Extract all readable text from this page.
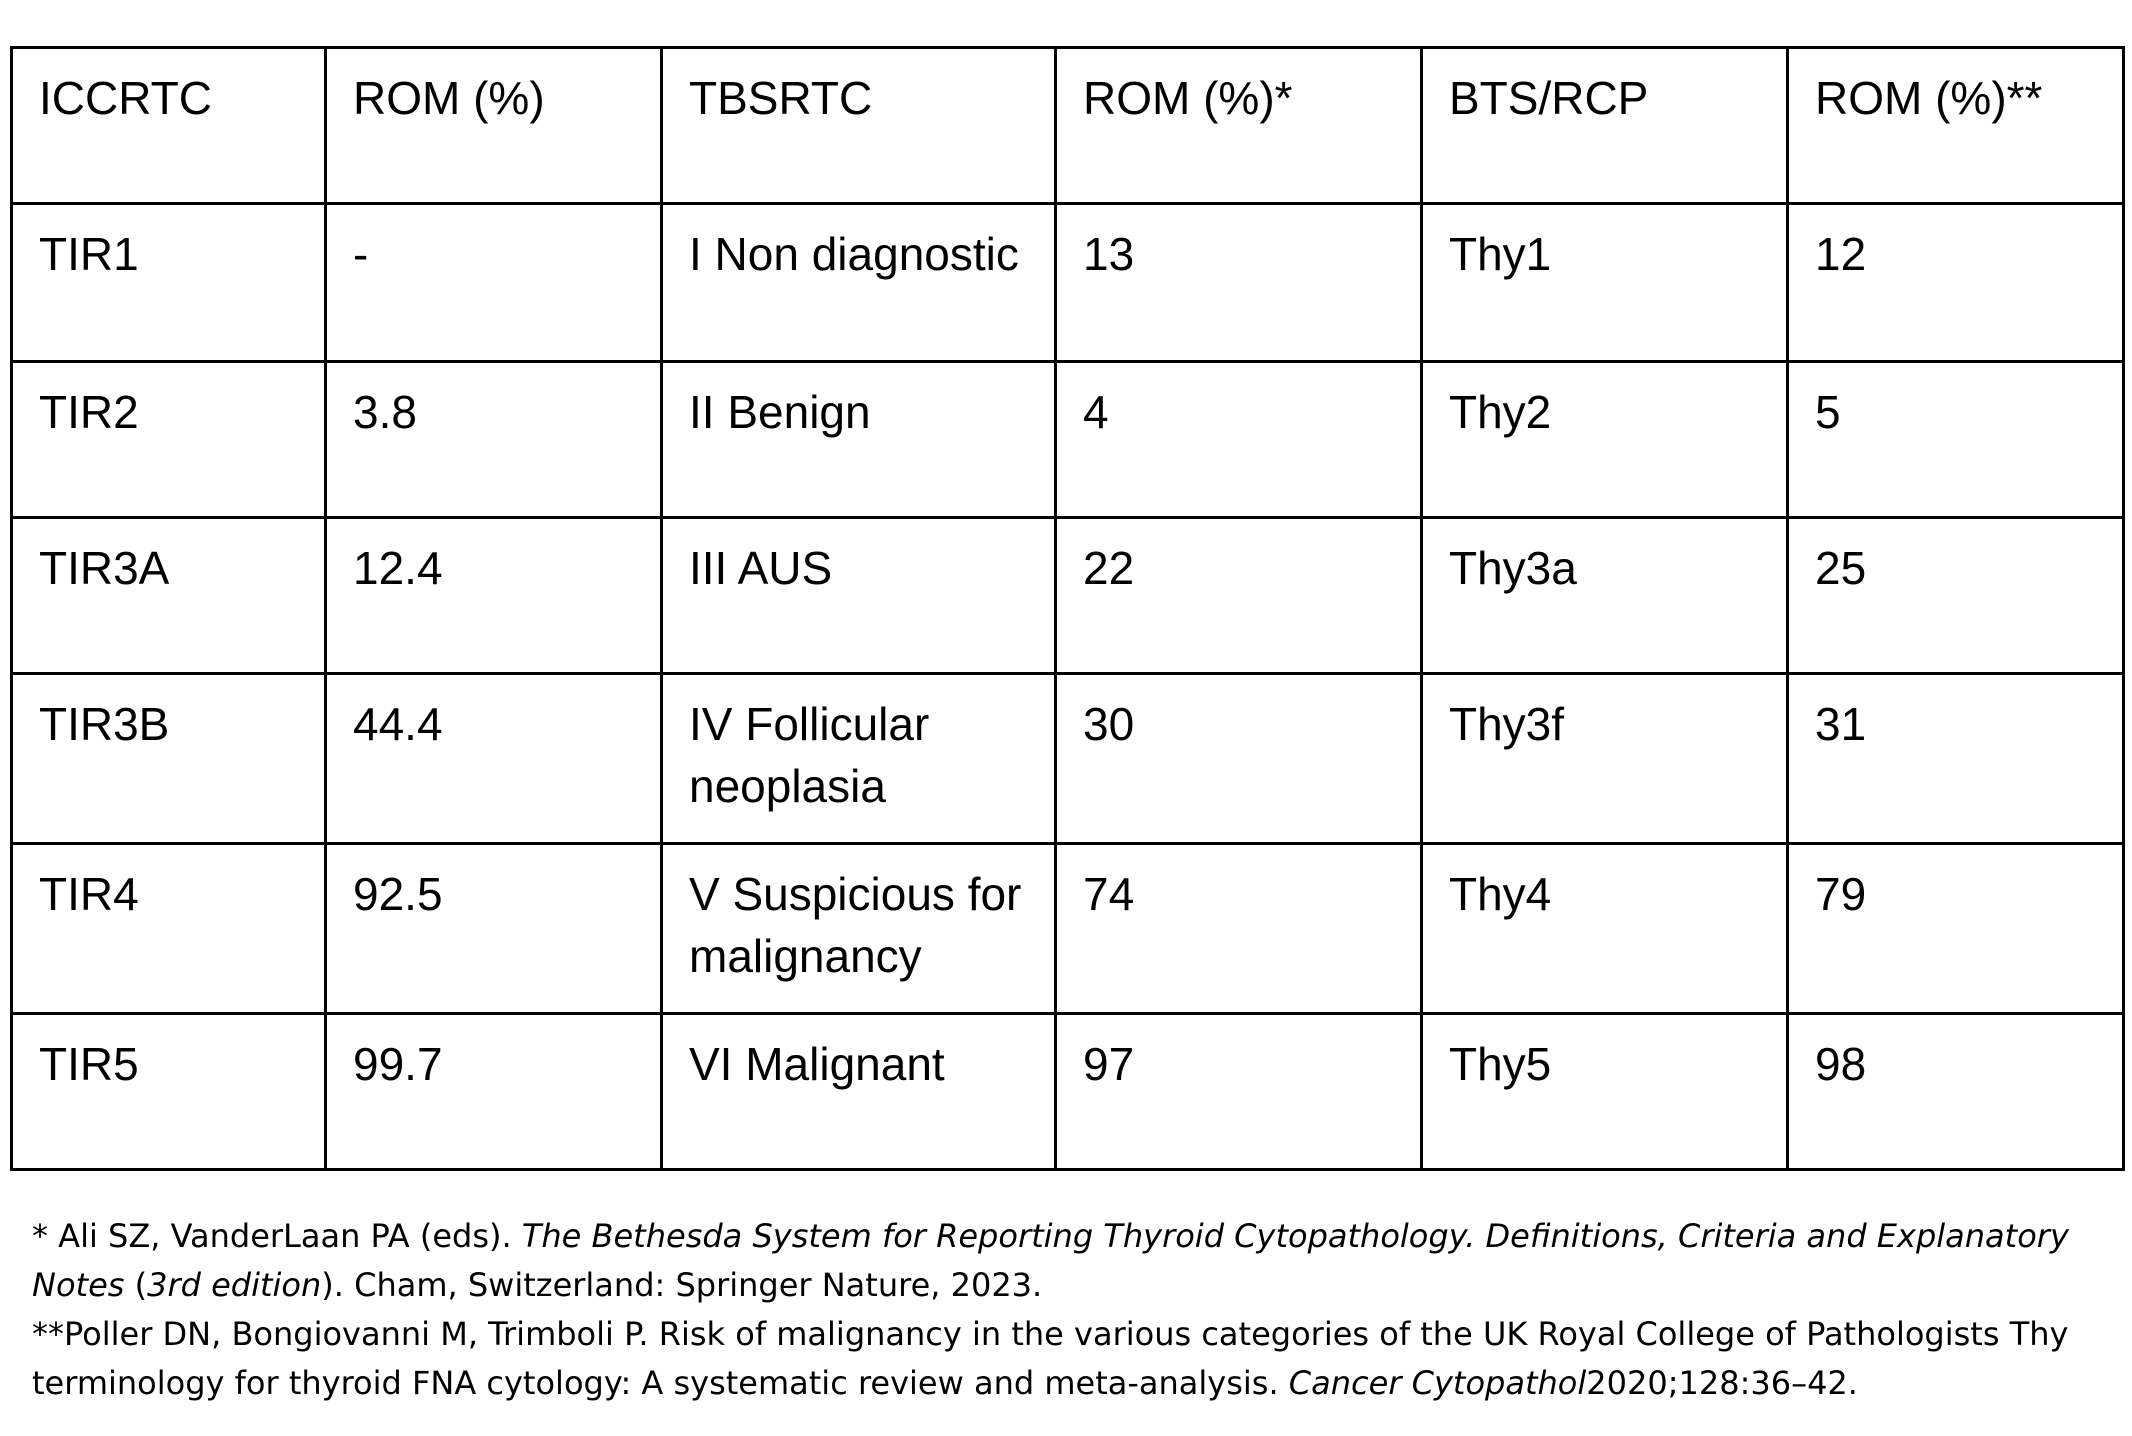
ICCRTC	ROM (%)	TBSRTC	ROM (%)*	BTS/RCP	ROM (%)**
TIR1	-	I Non diagnostic	13	Thy1	12
TIR2	3.8	II Benign	4	Thy2	5
TIR3A	12.4	III AUS	22	Thy3a	25
TIR3B	44.4	IV Follicular neoplasia	30	Thy3f	31
TIR4	92.5	V Suspicious for malignancy	74	Thy4	79
TIR5	99.7	VI Malignant	97	Thy5	98

* Ali SZ, VanderLaan PA (eds). The Bethesda System for Reporting Thyroid Cytopathology. Definitions, Criteria and Explanatory Notes (3rd edition). Cham, Switzerland: Springer Nature, 2023.

**Poller DN, Bongiovanni M, Trimboli P. Risk of malignancy in the various categories of the UK Royal College of Pathologists Thy terminology for thyroid FNA cytology: A systematic review and meta-analysis. Cancer Cytopathol2020;128:36–42.
